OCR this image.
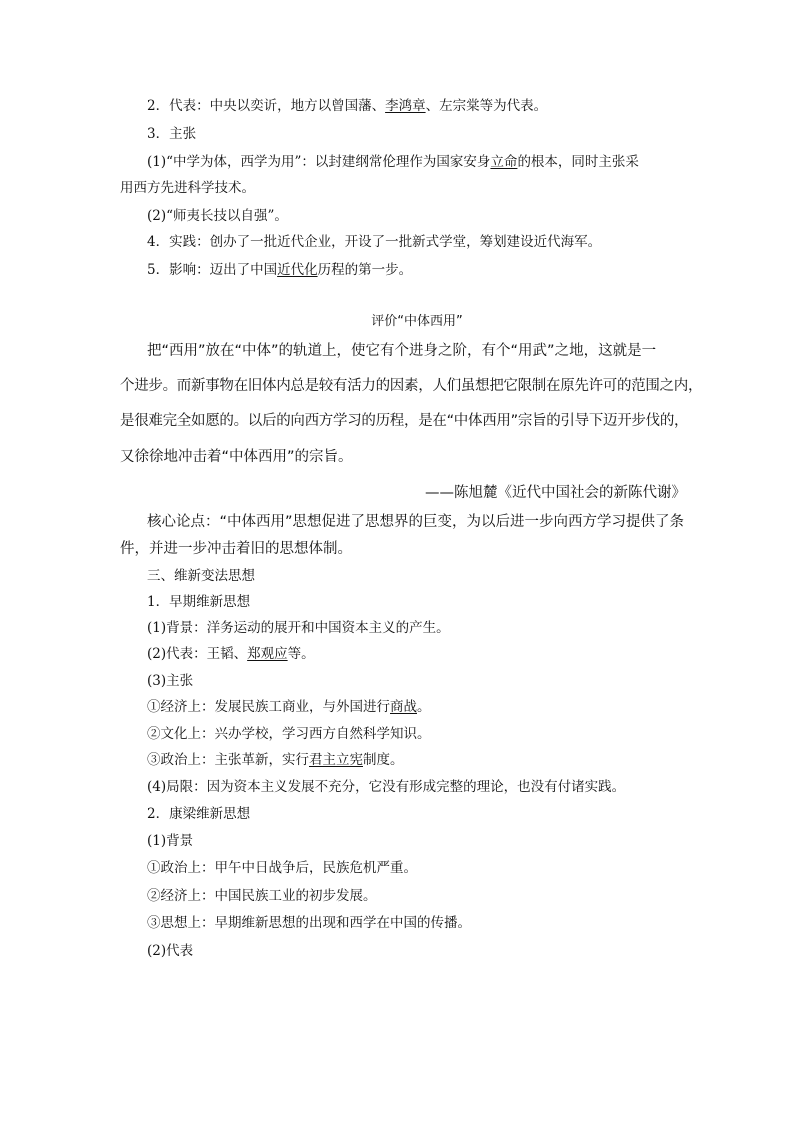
2．代表：中央以奕䜣，地方以曾国藩、李鸿章、左宗棠等为代表。
3．主张
(1)“中学为体，西学为用”：以封建纲常伦理作为国家安身立命的根本，同时主张采
用西方先进科学技术。
(2)“师夷长技以自强”。
4．实践：创办了一批近代企业，开设了一批新式学堂，筹划建设近代海军。
5．影响：迈出了中国近代化历程的第一步。
评价“中体西用”
把“西用”放在“中体”的轨道上，使它有个进身之阶，有个“用武”之地，这就是一
个进步。而新事物在旧体内总是较有活力的因素，人们虽想把它限制在原先许可的范围之内，
是很难完全如愿的。以后的向西方学习的历程，是在“中体西用”宗旨的引导下迈开步伐的，
又徐徐地冲击着“中体西用”的宗旨。
——陈旭麓《近代中国社会的新陈代谢》
核心论点：“中体西用”思想促进了思想界的巨变，为以后进一步向西方学习提供了条
件，并进一步冲击着旧的思想体制。
三、维新变法思想
1．早期维新思想
(1)背景：洋务运动的展开和中国资本主义的产生。
(2)代表：王韬、郑观应等。
(3)主张
①经济上：发展民族工商业，与外国进行商战。
②文化上：兴办学校，学习西方自然科学知识。
③政治上：主张革新，实行君主立宪制度。
(4)局限：因为资本主义发展不充分，它没有形成完整的理论，也没有付诸实践。
2．康梁维新思想
(1)背景
①政治上：甲午中日战争后，民族危机严重。
②经济上：中国民族工业的初步发展。
③思想上：早期维新思想的出现和西学在中国的传播。
(2)代表
